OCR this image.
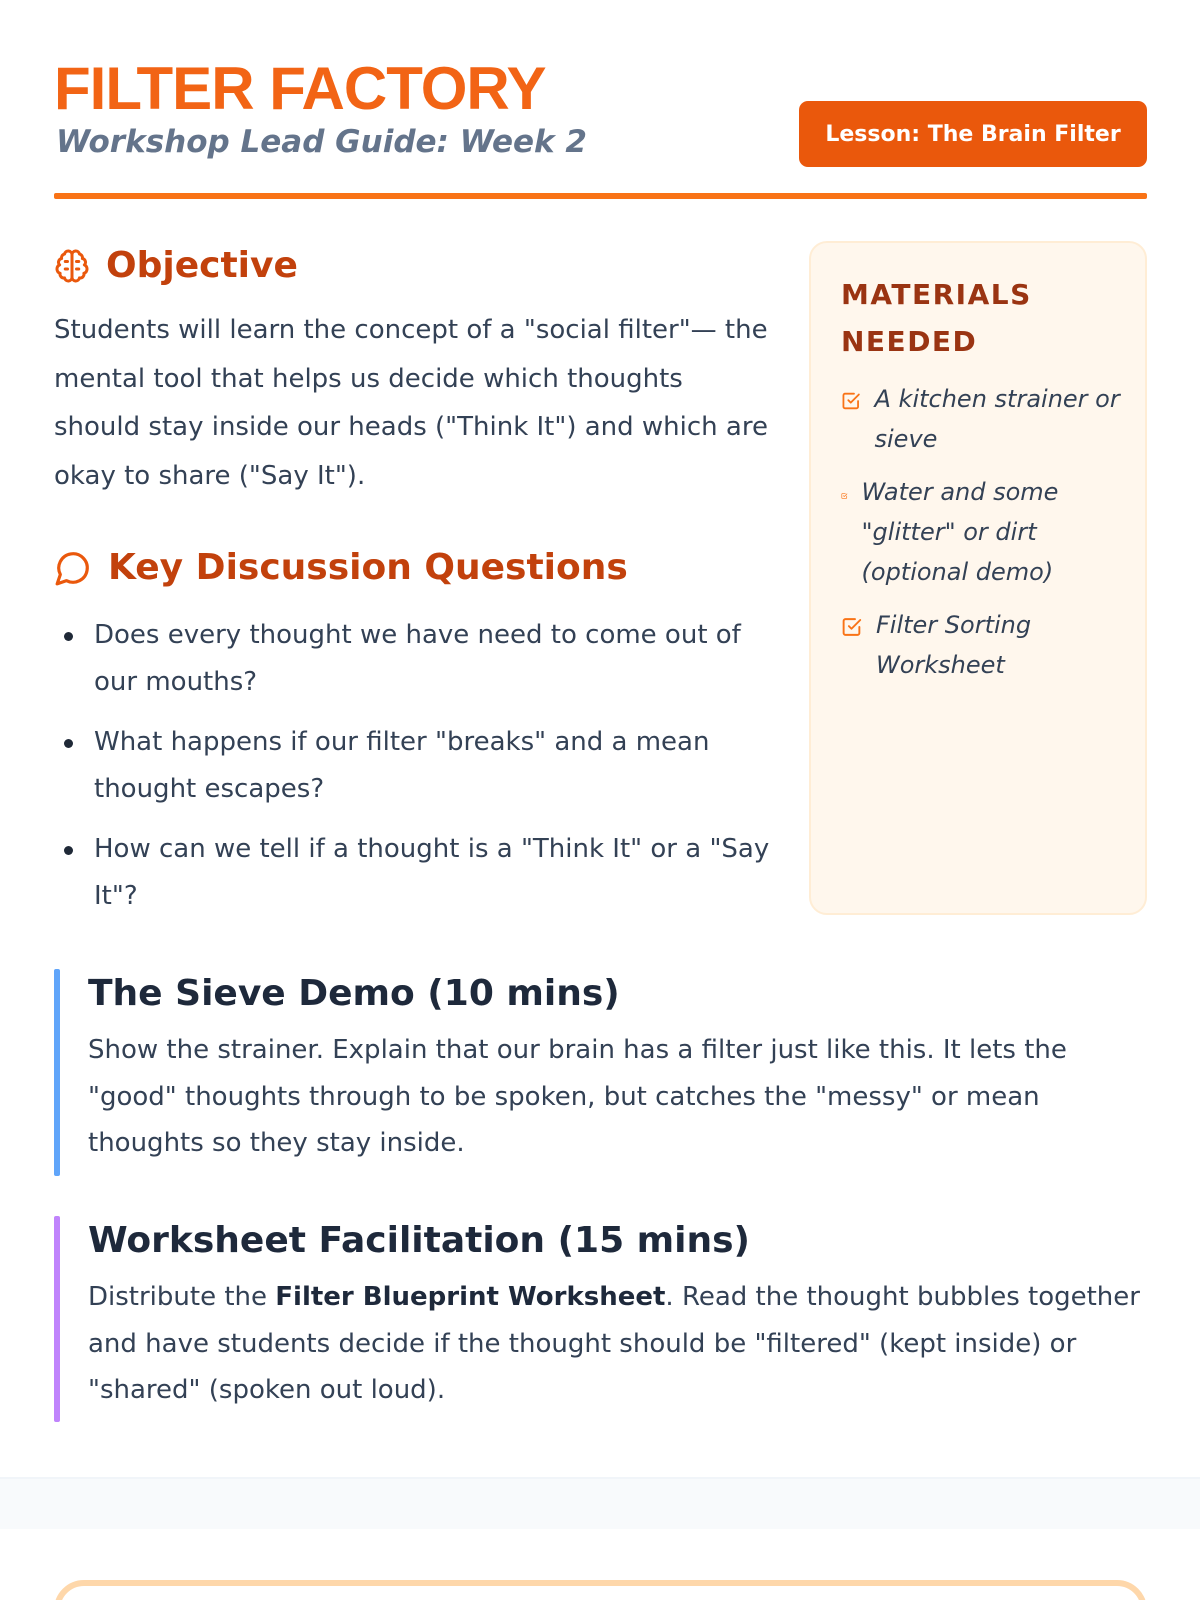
FILTER FACTORY
Workshop Lead Guide: Week 2	Lesson: The Brain Filter
Objective

Students will learn the concept of a "social filter"— the mental tool that helps us decide which thoughts should stay inside our heads ("Think It") and which are okay to share ("Say It").

Key Discussion Questions
Does every thought we have need to come out of our mouths?
What happens if our filter "breaks" and a mean thought escapes?
How can we tell if a thought is a "Think It" or a "Say It"?
MATERIALS NEEDED
A kitchen strainer or sieve
Water and some "glitter" or dirt (optional demo)
Filter Sorting Worksheet
The Sieve Demo (10 mins)

Show the strainer. Explain that our brain has a filter just like this. It lets the "good" thoughts through to be spoken, but catches the "messy" or mean thoughts so they stay inside.

Worksheet Facilitation (15 mins)

Distribute the Filter Blueprint Worksheet. Read the thought bubbles together and have students decide if the thought should be "filtered" (kept inside) or "shared" (spoken out loud).
